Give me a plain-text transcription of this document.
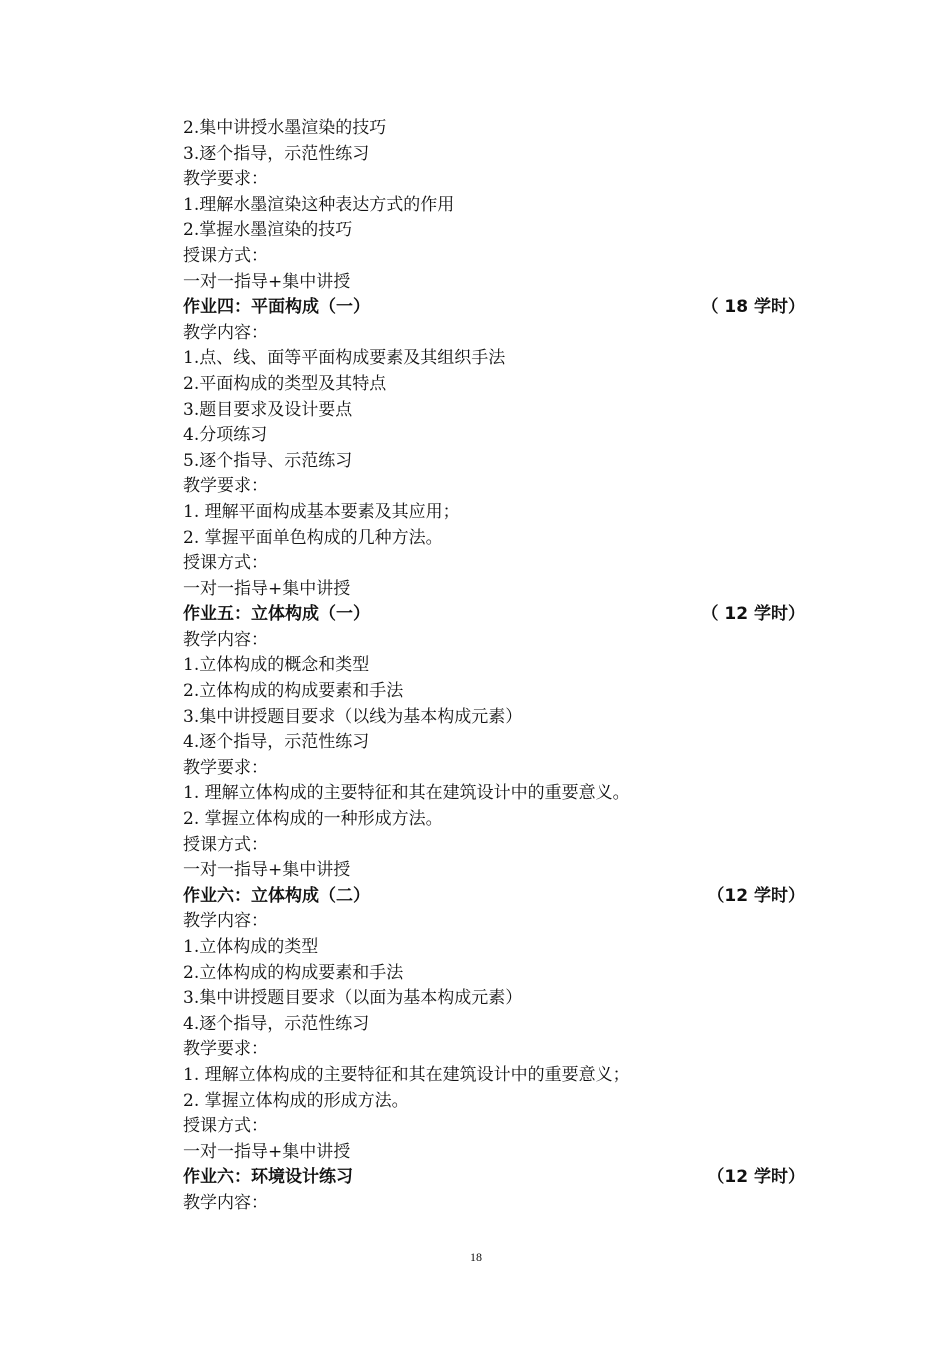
2.集中讲授水墨渲染的技巧
3.逐个指导，示范性练习
教学要求：
1.理解水墨渲染这种表达方式的作用
2.掌握水墨渲染的技巧
授课方式：
一对一指导+集中讲授
作业四：平面构成（一）	（ 18 学时）
教学内容：
1.点、线、面等平面构成要素及其组织手法
2.平面构成的类型及其特点
3.题目要求及设计要点
4.分项练习
5.逐个指导、示范练习
教学要求：
1. 理解平面构成基本要素及其应用；
2. 掌握平面单色构成的几种方法。
授课方式：
一对一指导+集中讲授
作业五：立体构成（一）	（ 12 学时）
教学内容：
1.立体构成的概念和类型
2.立体构成的构成要素和手法
3.集中讲授题目要求（以线为基本构成元素）
4.逐个指导，示范性练习
教学要求：
1. 理解立体构成的主要特征和其在建筑设计中的重要意义。
2. 掌握立体构成的一种形成方法。
授课方式：
一对一指导+集中讲授
作业六：立体构成（二）	（12 学时）
教学内容：
1.立体构成的类型
2.立体构成的构成要素和手法
3.集中讲授题目要求（以面为基本构成元素）
4.逐个指导，示范性练习
教学要求：
1. 理解立体构成的主要特征和其在建筑设计中的重要意义；
2. 掌握立体构成的形成方法。
授课方式：
一对一指导+集中讲授
作业六：环境设计练习	（12 学时）
教学内容：
18
